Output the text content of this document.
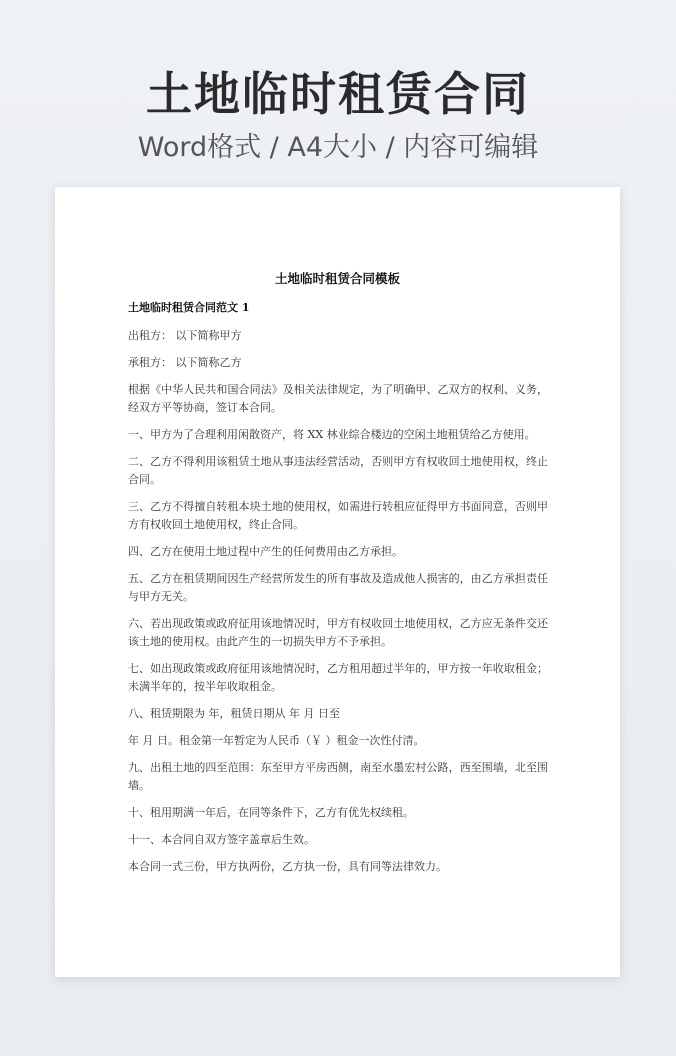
土地临时租赁合同
Word格式 / A4大小 / 内容可编辑
土地临时租赁合同模板

土地临时租赁合同范文 1

出租方： 以下简称甲方

承租方： 以下简称乙方

根据《中华人民共和国合同法》及相关法律规定，为了明确甲、乙双方的权利、义务，经双方平等协商，签订本合同。

一、甲方为了合理利用闲散资产，将 XX 林业综合楼边的空闲土地租赁给乙方使用。

二、乙方不得利用该租赁土地从事违法经营活动，否则甲方有权收回土地使用权，终止合同。

三、乙方不得擅自转租本块土地的使用权，如需进行转租应征得甲方书面同意，否则甲方有权收回土地使用权，终止合同。

四、乙方在使用土地过程中产生的任何费用由乙方承担。

五、乙方在租赁期间因生产经营所发生的所有事故及造成他人损害的，由乙方承担责任与甲方无关。

六、若出现政策或政府征用该地情况时，甲方有权收回土地使用权，乙方应无条件交还该土地的使用权。由此产生的一切损失甲方不予承担。

七、如出现政策或政府征用该地情况时，乙方租用超过半年的，甲方按一年收取租金；未满半年的，按半年收取租金。

八、租赁期限为 年，租赁日期从 年 月 日至

年 月 日。租金第一年暂定为人民币（￥ ）租金一次性付清。

九、出租土地的四至范围：东至甲方平房西侧，南至水墨宏村公路，西至围墙，北至围墙。

十、租用期满一年后，在同等条件下，乙方有优先权续租。

十一、本合同自双方签字盖章后生效。

本合同一式三份，甲方执两份，乙方执一份，具有同等法律效力。
